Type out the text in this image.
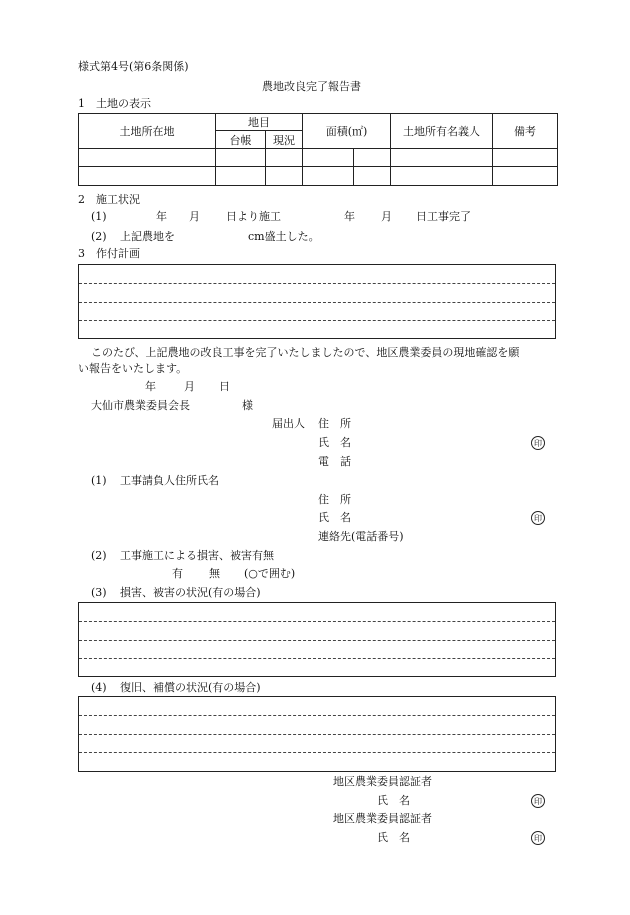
様式第4号(第6条関係)
農地改良完了報告書
1　土地の表示
土地所在地	地目		面積(㎡)		土地所有名義人	備考
	台帳	現況				

2　施工状況
(1)	年 月 日より施工	年 月 日工事完了
(2) 上記農地を	cm盛土した。
3　作付計画
このたび、上記農地の改良工事を完了いたしましたので、地区農業委員の現地確認を願
い報告をいたします。
年	月 日
大仙市農業委員会長	様
届出人 住　所
氏　名	印
電　話
(1) 工事請負人住所氏名
住　所
氏　名	印
連絡先(電話番号)
(2) 工事施工による損害、被害有無
有 無 (○で囲む)
(3) 損害、被害の状況(有の場合)
(4) 復旧、補償の状況(有の場合)
地区農業委員認証者
氏　名	印
地区農業委員認証者
氏　名	印
